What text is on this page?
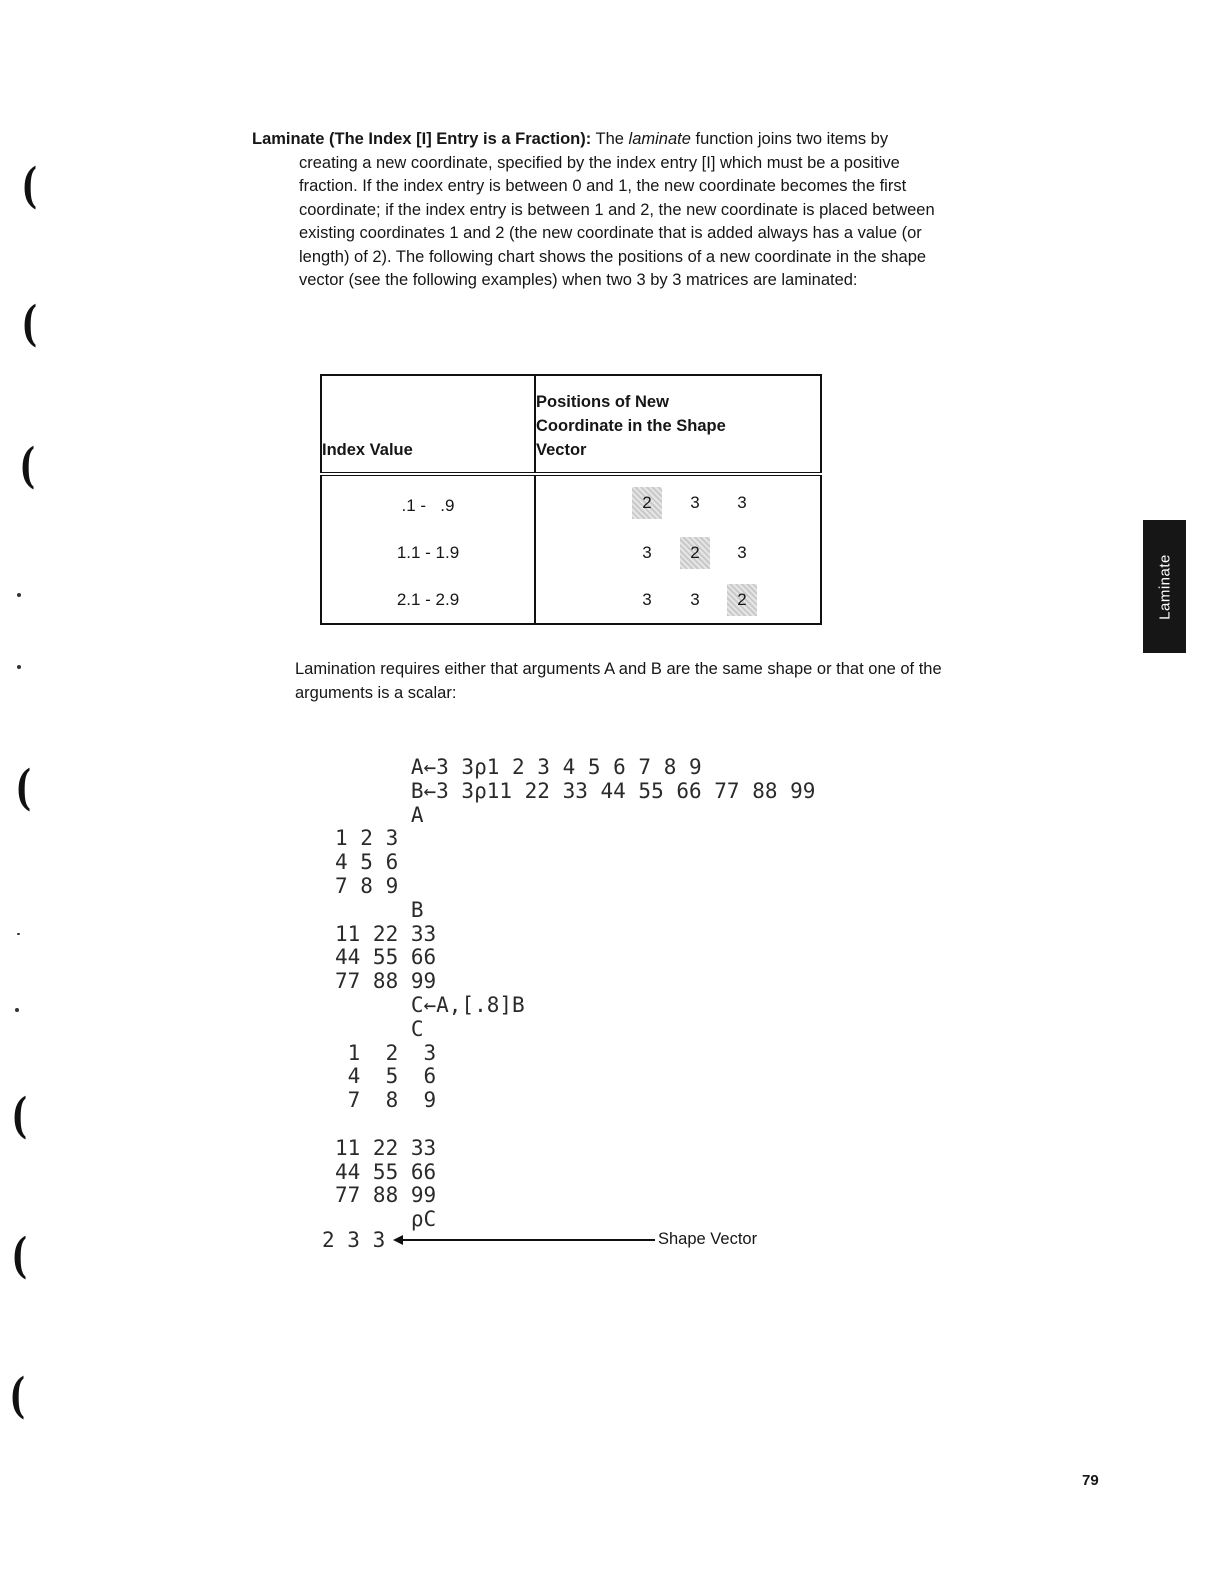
(
(
(
(
(
(
(
Laminate (The Index [I] Entry is a Fraction): The laminate function joins two items by
creating a new coordinate, specified by the index entry [I] which must be a positive fraction. If the index entry is between 0 and 1, the new coordinate becomes the first coordinate; if the index entry is between 1 and 2, the new coordinate is placed between existing coordinates 1 and 2 (the new coordinate that is added always has a value (or length) of 2). The following chart shows the positions of a new coordinate in the shape vector (see the following examples) when two 3 by 3 matrices are laminated:
Index Value	Positions of New
Coordinate in the Shape
Vector
.1 -   .9	2 3 3

1.1 - 1.9	3 2 3

2.1 - 2.9	3 3 2
Lamination requires either that arguments A and B are the same shape or that one of the arguments is a scalar:
A←3 3ρ1 2 3 4 5 6 7 8 9
B←3 3ρ11 22 33 44 55 66 77 88 99
A
1 2 3
4 5 6
7 8 9
B
11 22 33
44 55 66
77 88 99
C←A,[.8]B
C
1  2  3
4  5  6
7  8  9
11 22 33
44 55 66
77 88 99
ρC
2 3 3	Shape Vector
Laminate
79
